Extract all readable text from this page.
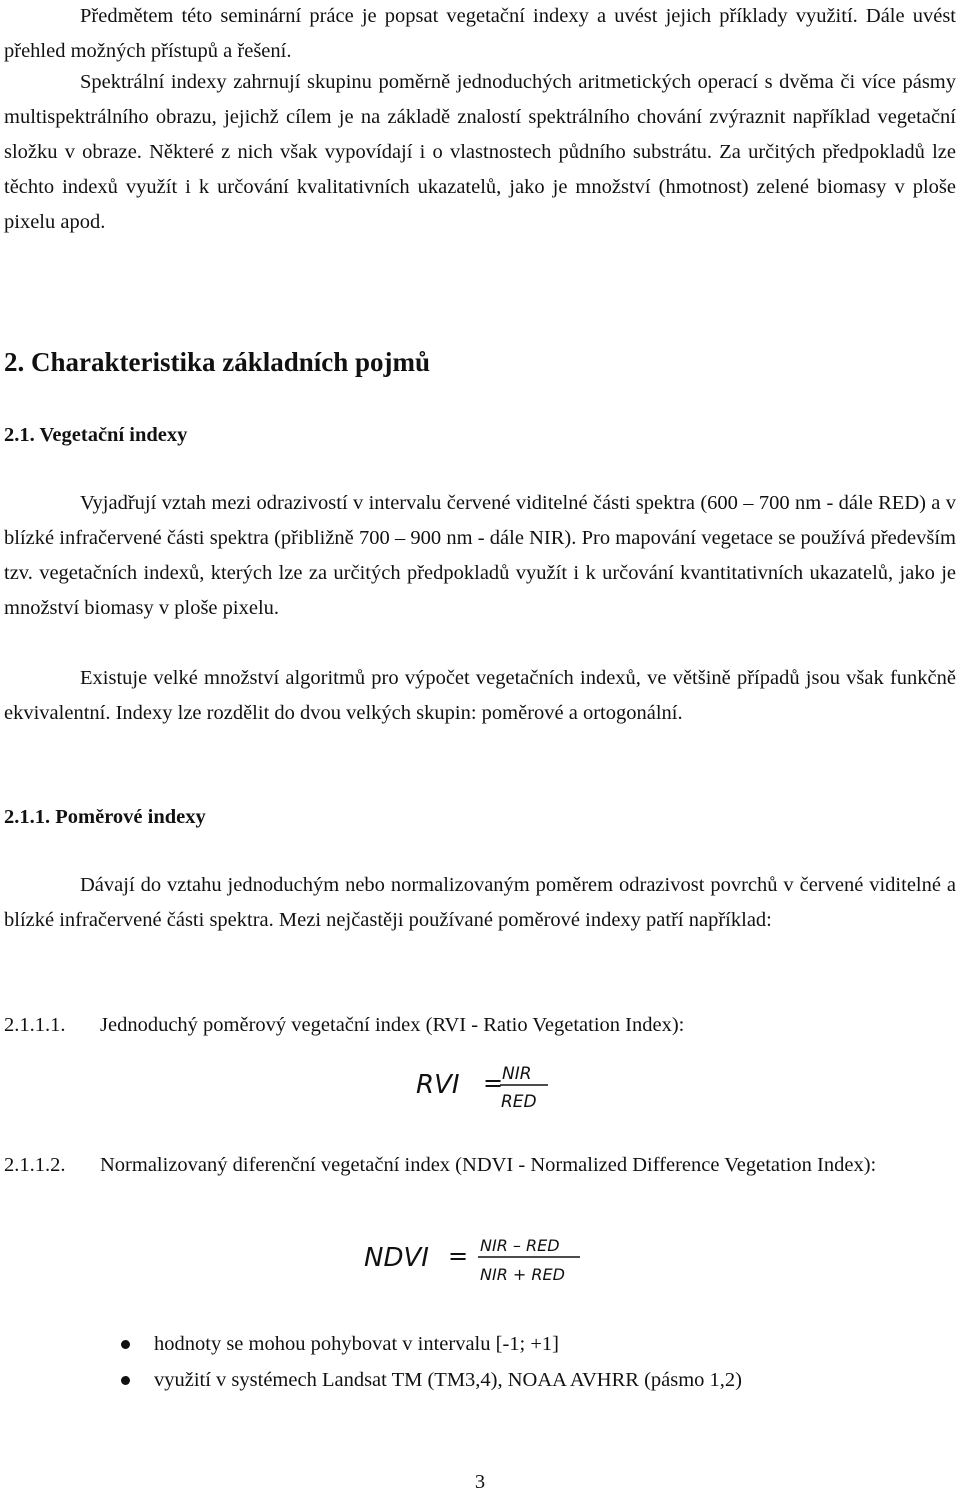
Předmětem této seminární práce je popsat vegetační indexy a uvést jejich příklady využití. Dále uvést přehled možných přístupů a řešení.

Spektrální indexy zahrnují skupinu poměrně jednoduchých aritmetických operací s dvěma či více pásmy multispektrálního obrazu, jejichž cílem je na základě znalostí spektrálního chování zvýraznit například vegetační složku v obraze. Některé z nich však vypovídají i o vlastnostech půdního substrátu. Za určitých předpokladů lze těchto indexů využít i k určování kvalitativních ukazatelů, jako je množství (hmotnost) zelené biomasy v ploše pixelu apod.

2. Charakteristika základních pojmů
2.1. Vegetační indexy

Vyjadřují vztah mezi odrazivostí v intervalu červené viditelné části spektra (600 – 700 nm - dále RED) a v blízké infračervené části spektra (přibližně 700 – 900 nm - dále NIR). Pro mapování vegetace se používá především tzv. vegetačních indexů, kterých lze za určitých předpokladů využít i k určování kvantitativních ukazatelů, jako je množství biomasy v ploše pixelu.

Existuje velké množství algoritmů pro výpočet vegetačních indexů, ve většině případů jsou však funkčně ekvivalentní. Indexy lze rozdělit do dvou velkých skupin: poměrové a ortogonální.

2.1.1. Poměrové indexy

Dávají do vztahu jednoduchým nebo normalizovaným poměrem odrazivost povrchů v červené viditelné a blízké infračervené části spektra. Mezi nejčastěji používané poměrové indexy patří například:

2.1.1.1.	Jednoduchý poměrový vegetační index (RVI - Ratio Vegetation Index):
RVI =
NIR
RED
2.1.1.2.	Normalizovaný diferenční vegetační index (NDVI - Normalized Difference Vegetation Index):
NDVI = NIR – RED
NIR + RED
hodnoty se mohou pohybovat v intervalu [-1; +1]
využití v systémech Landsat TM (TM3,4), NOAA AVHRR (pásmo 1,2)
3
